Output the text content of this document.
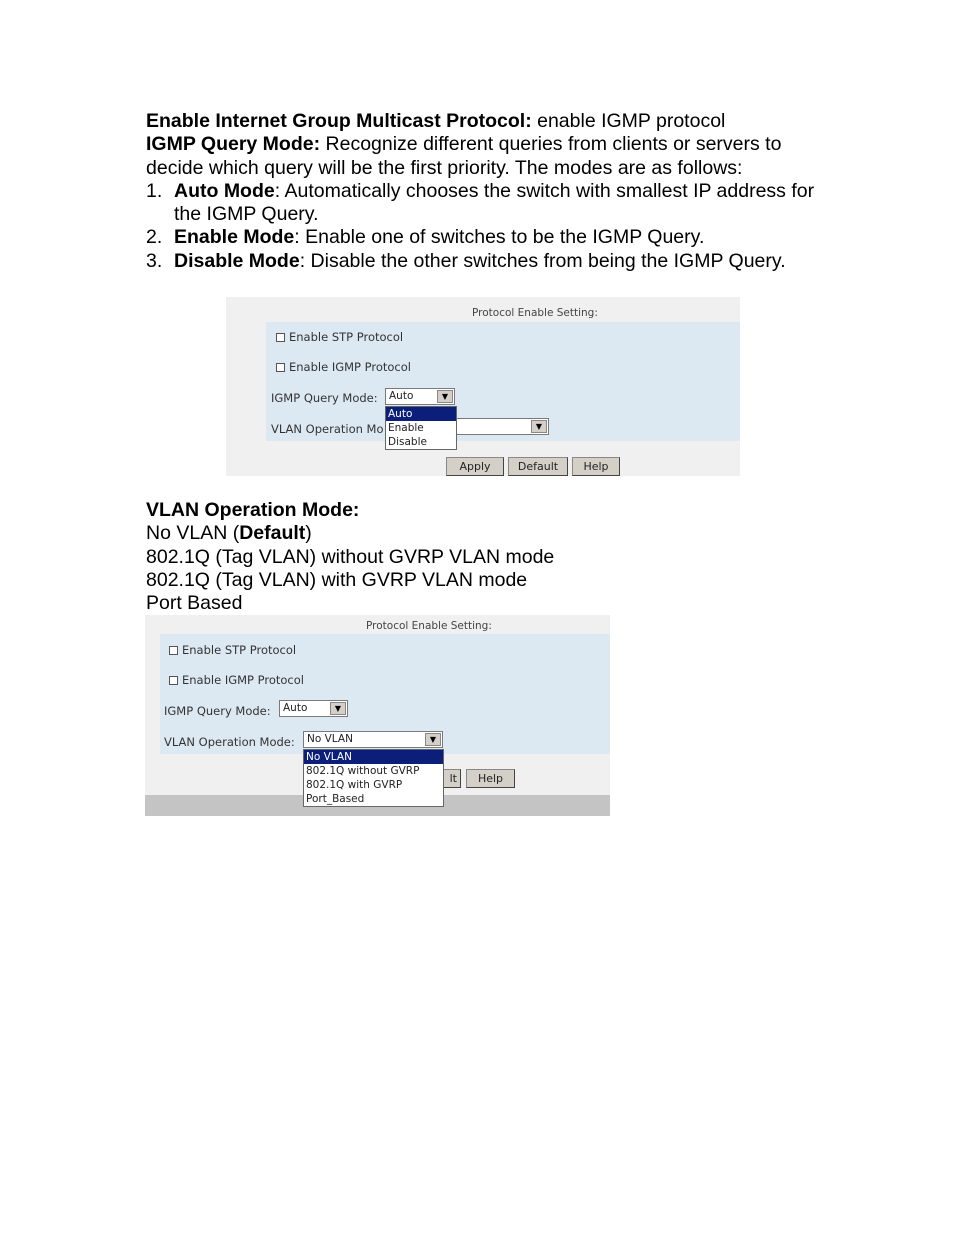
Enable Internet Group Multicast Protocol: enable IGMP protocol

IGMP Query Mode: Recognize different queries from clients or servers to decide which query will be the first priority. The modes are as follows:

1. Auto Mode: Automatically chooses the switch with smallest IP address for the IGMP Query.
2. Enable Mode: Enable one of switches to be the IGMP Query.
3. Disable Mode: Disable the other switches from being the IGMP Query.
Protocol Enable Setting:
Enable STP Protocol
Enable IGMP Protocol
IGMP Query Mode:	Auto	▼
Auto
Enable
Disable
VLAN Operation Mo	▼
Apply	Default	Help

VLAN Operation Mode:

No VLAN (Default)

802.1Q (Tag VLAN) without GVRP VLAN mode

802.1Q (Tag VLAN) with GVRP VLAN mode

Port Based

Protocol Enable Setting:
Enable STP Protocol
Enable IGMP Protocol
IGMP Query Mode:	Auto	▼
VLAN Operation Mode:	No VLAN	▼
No VLAN
802.1Q without GVRP
802.1Q with GVRP
Port_Based
lt	Help
